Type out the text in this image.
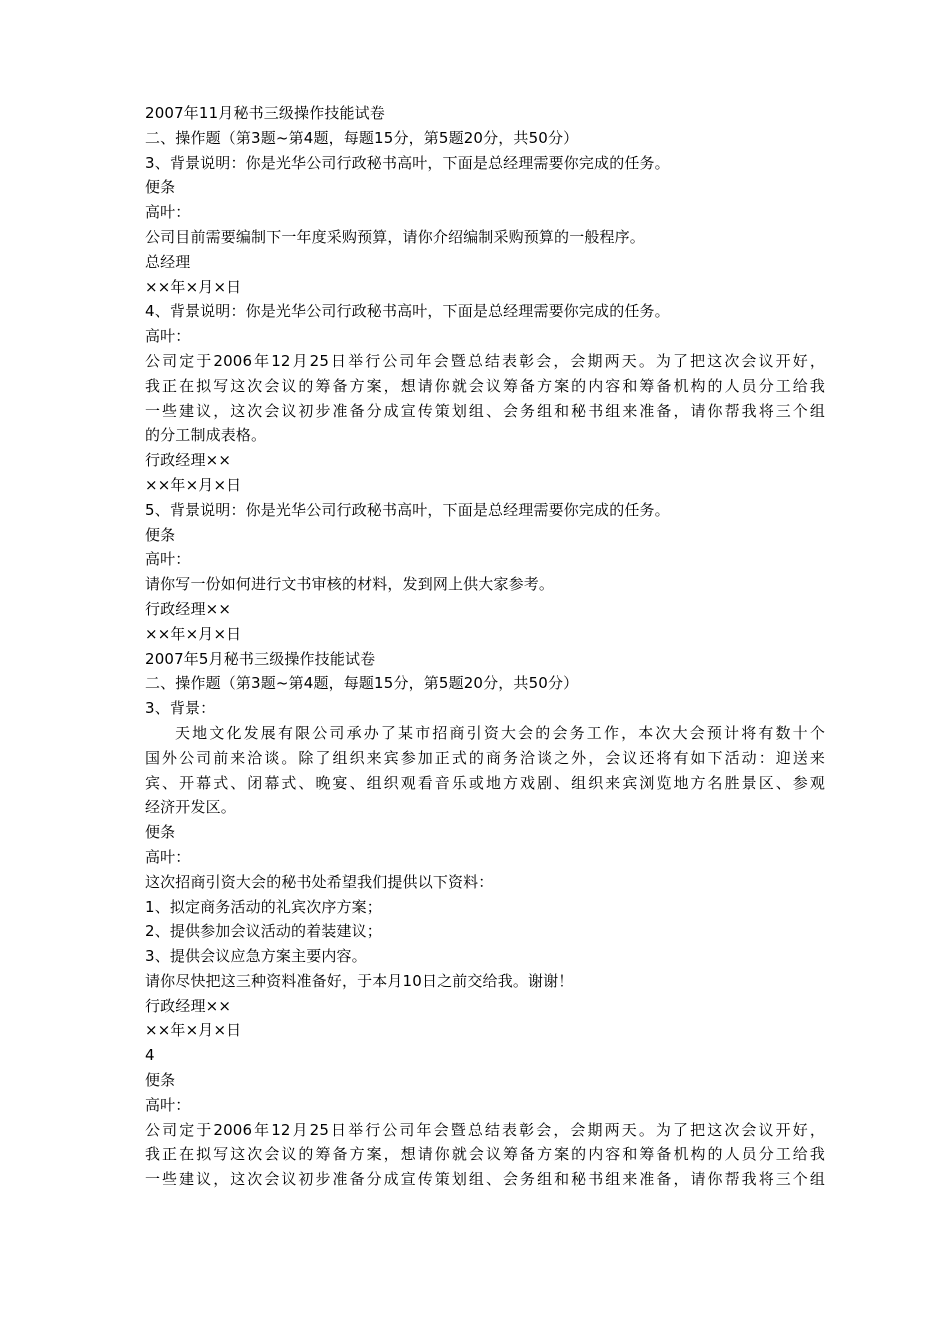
2007年11月秘书三级操作技能试卷
二、操作题（第3题~第4题，每题15分，第5题20分，共50分）
3、背景说明：你是光华公司行政秘书高叶，下面是总经理需要你完成的任务。
便条
高叶：
公司目前需要编制下一年度采购预算，请你介绍编制采购预算的一般程序。
总经理
××年×月×日
4、背景说明：你是光华公司行政秘书高叶，下面是总经理需要你完成的任务。
高叶：
公司定于2006年12月25日举行公司年会暨总结表彰会，会期两天。为了把这次会议开好，
我正在拟写这次会议的筹备方案，想请你就会议筹备方案的内容和筹备机构的人员分工给我
一些建议，这次会议初步准备分成宣传策划组、会务组和秘书组来准备，请你帮我将三个组
的分工制成表格。
行政经理××
××年×月×日
5、背景说明：你是光华公司行政秘书高叶，下面是总经理需要你完成的任务。
便条
高叶：
请你写一份如何进行文书审核的材料，发到网上供大家参考。
行政经理××
××年×月×日
2007年5月秘书三级操作技能试卷
二、操作题（第3题~第4题，每题15分，第5题20分，共50分）
3、背景：
天地文化发展有限公司承办了某市招商引资大会的会务工作，本次大会预计将有数十个
国外公司前来洽谈。除了组织来宾参加正式的商务洽谈之外，会议还将有如下活动：迎送来
宾、开幕式、闭幕式、晚宴、组织观看音乐或地方戏剧、组织来宾浏览地方名胜景区、参观
经济开发区。
便条
高叶：
这次招商引资大会的秘书处希望我们提供以下资料：
1、拟定商务活动的礼宾次序方案；
2、提供参加会议活动的着装建议；
3、提供会议应急方案主要内容。
请你尽快把这三种资料准备好，于本月10日之前交给我。谢谢！
行政经理××
××年×月×日
4
便条
高叶：
公司定于2006年12月25日举行公司年会暨总结表彰会，会期两天。为了把这次会议开好，
我正在拟写这次会议的筹备方案，想请你就会议筹备方案的内容和筹备机构的人员分工给我
一些建议，这次会议初步准备分成宣传策划组、会务组和秘书组来准备，请你帮我将三个组
